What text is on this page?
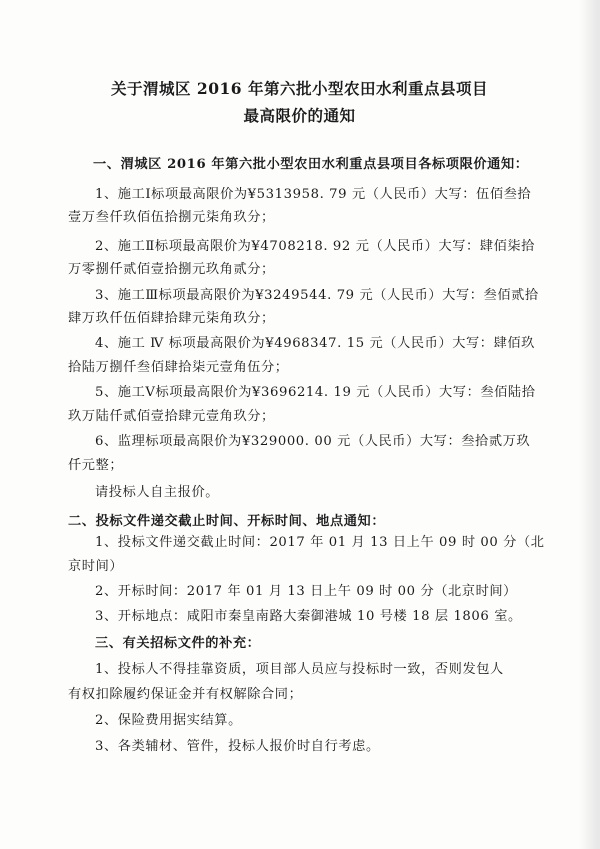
关于渭城区 2016 年第六批小型农田水利重点县项目
最高限价的通知
一、渭城区 2016 年第六批小型农田水利重点县项目各标项限价通知：
1、施工Ⅰ标项最高限价为¥5313958. 79 元（人民币）大写：伍佰叁拾
壹万叁仟玖佰伍拾捌元柒角玖分；
2、施工Ⅱ标项最高限价为¥4708218. 92 元（人民币）大写：肆佰柒拾
万零捌仟贰佰壹拾捌元玖角贰分；
3、施工Ⅲ标项最高限价为¥3249544. 79 元（人民币）大写：叁佰贰拾
肆万玖仟伍佰肆拾肆元柒角玖分；
4、施工 Ⅳ 标项最高限价为¥4968347. 15 元（人民币）大写：肆佰玖
拾陆万捌仟叁佰肆拾柒元壹角伍分；
5、施工Ⅴ标项最高限价为¥3696214. 19 元（人民币）大写：叁佰陆拾
玖万陆仟贰佰壹拾肆元壹角玖分；
6、监理标项最高限价为¥329000. 00 元（人民币）大写：叁拾贰万玖
仟元整；
请投标人自主报价。
二、投标文件递交截止时间、开标时间、地点通知：
1、投标文件递交截止时间：2017 年 01 月 13 日上午 09 时 00 分（北
京时间）
2、开标时间：2017 年 01 月 13 日上午 09 时 00 分（北京时间）
3、开标地点：咸阳市秦皇南路大秦御港城 10 号楼 18 层 1806 室。
三、有关招标文件的补充：
1、投标人不得挂靠资质，项目部人员应与投标时一致，否则发包人
有权扣除履约保证金并有权解除合同；
2、保险费用据实结算。
3、各类辅材、管件，投标人报价时自行考虑。
